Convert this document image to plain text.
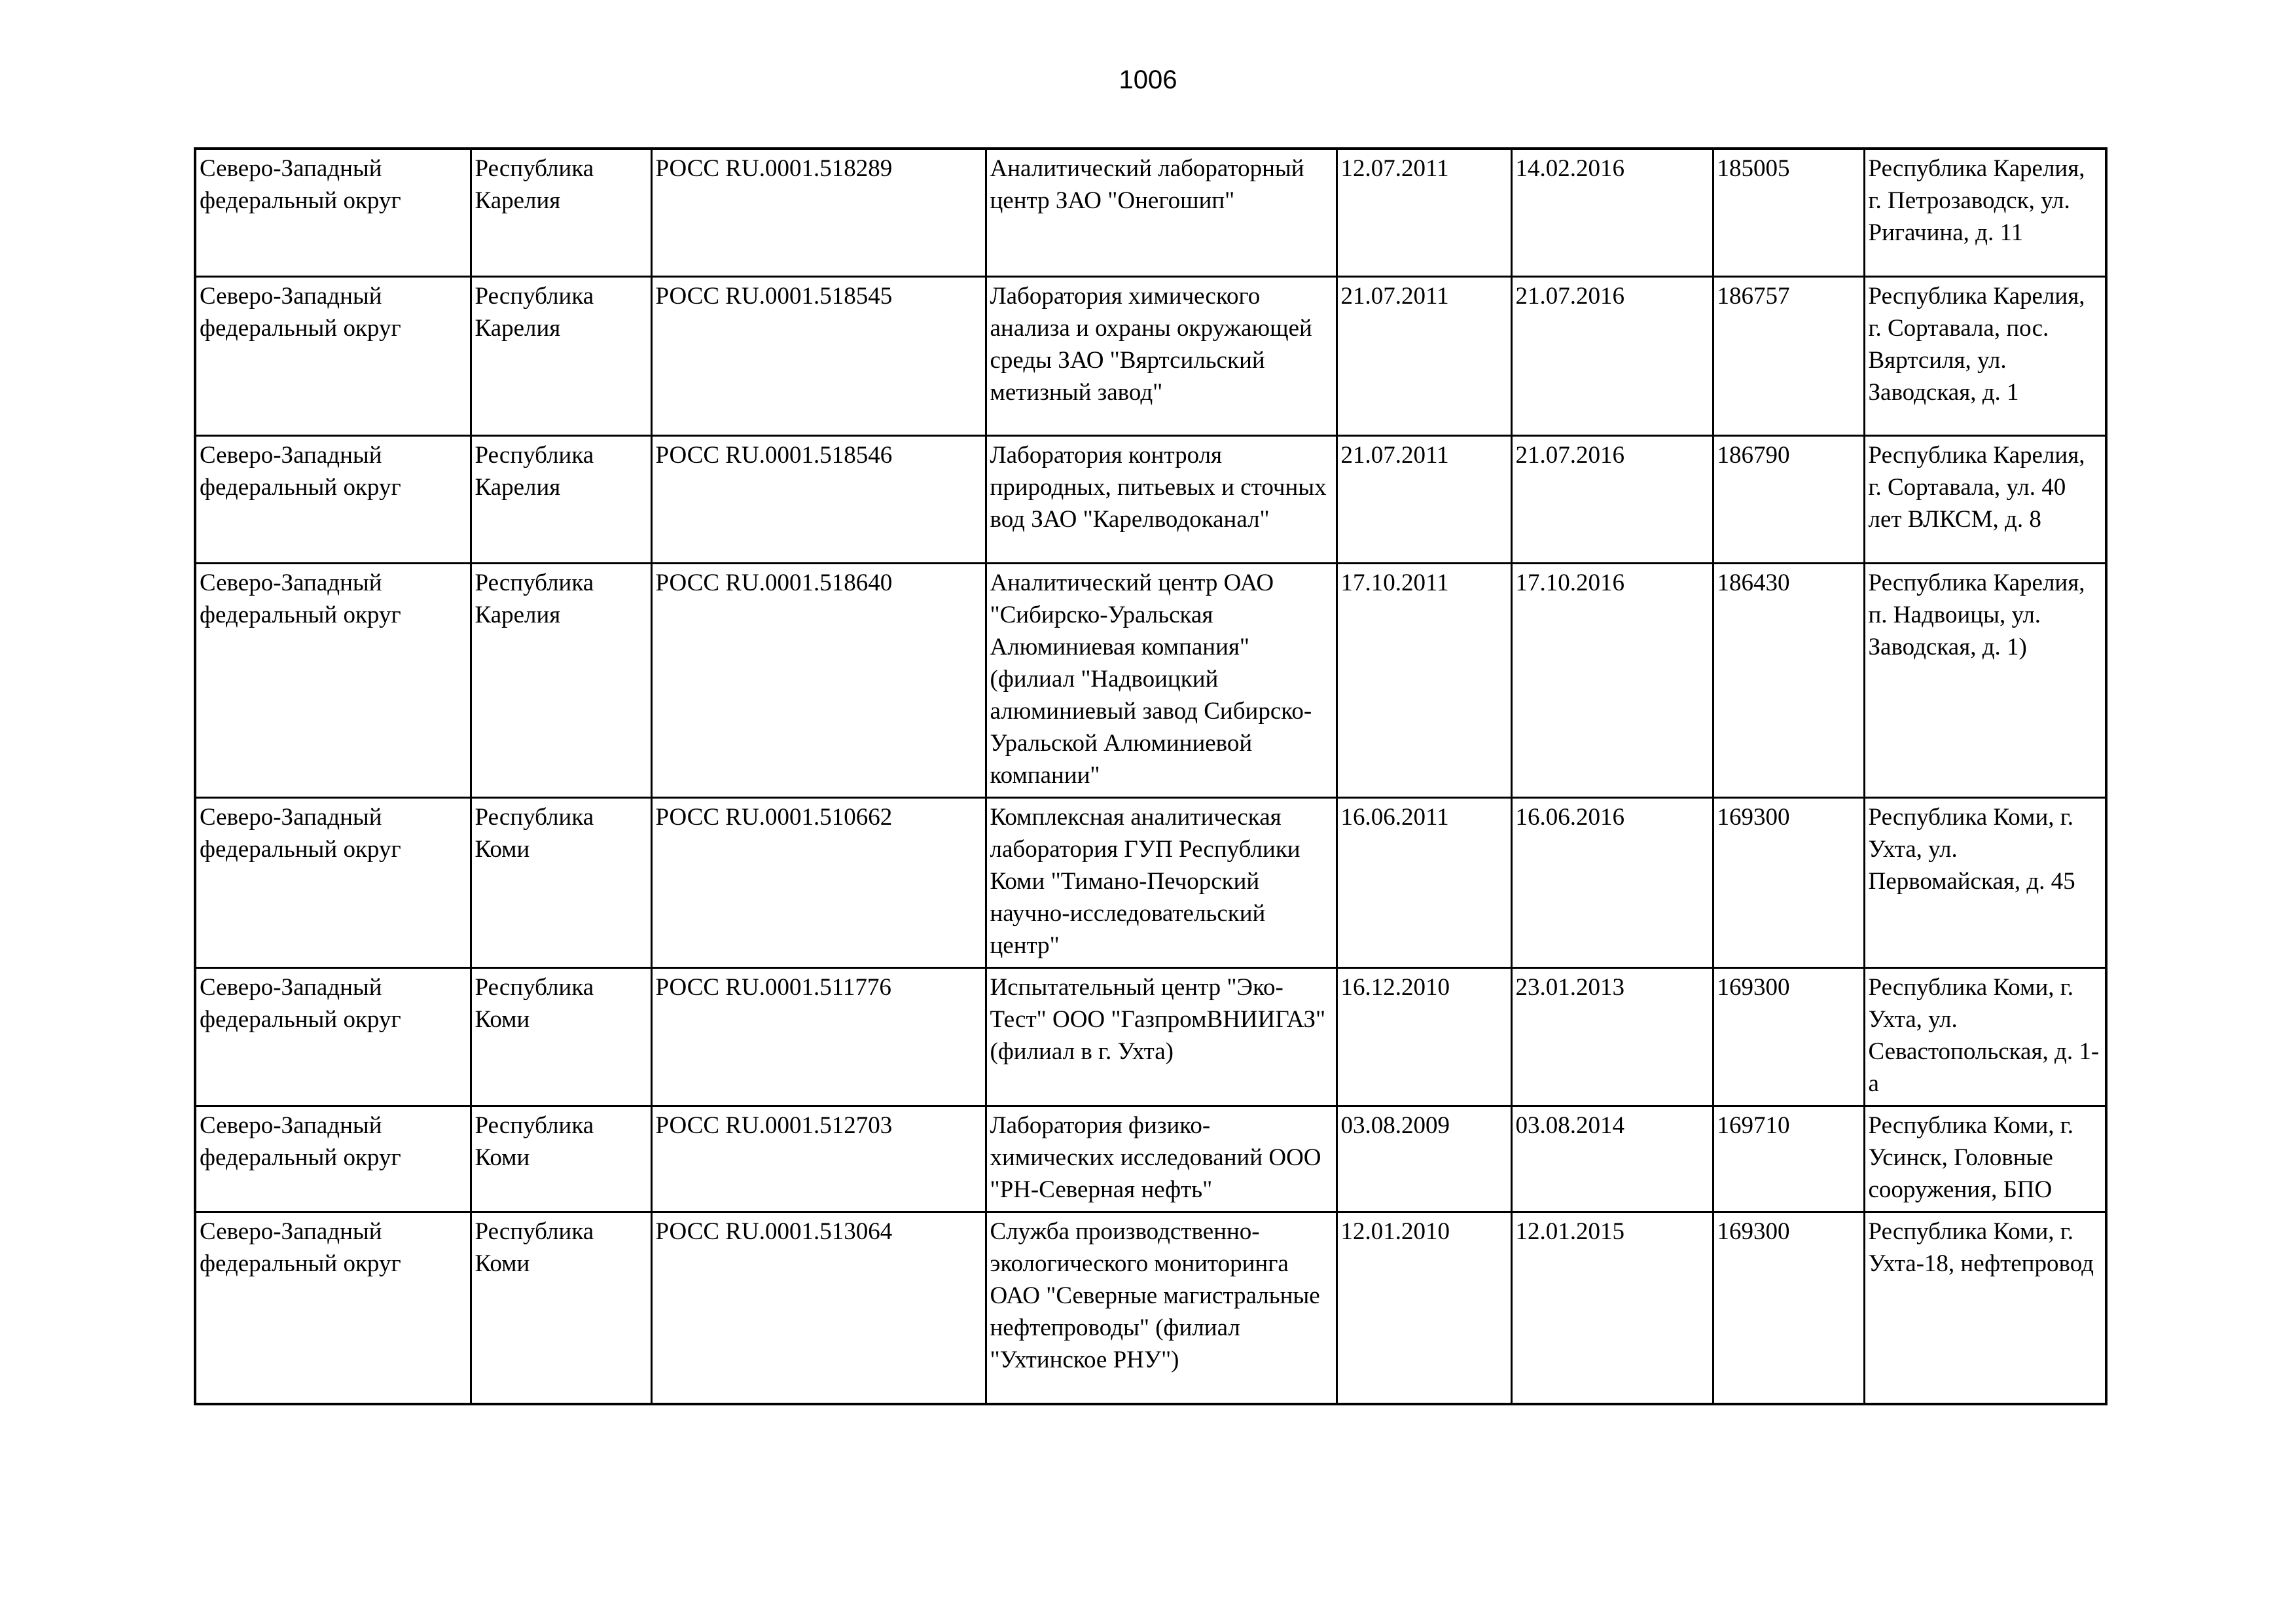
1006
Северо-Западный федеральный округ	Республика Карелия	РОСС RU.0001.518289	Аналитический лабораторный центр ЗАО "Онегошип"	12.07.2011	14.02.2016	185005	Республика Карелия, г. Петрозаводск, ул. Ригачина, д. 11
Северо-Западный федеральный округ	Республика Карелия	РОСС RU.0001.518545	Лаборатория химического анализа и охраны окружающей среды ЗАО "Вяртсильский метизный завод"	21.07.2011	21.07.2016	186757	Республика Карелия, г. Сортавала, пос. Вяртсиля, ул. Заводская, д. 1
Северо-Западный федеральный округ	Республика Карелия	РОСС RU.0001.518546	Лаборатория контроля природных, питьевых и сточных вод ЗАО "Карелводоканал"	21.07.2011	21.07.2016	186790	Республика Карелия, г. Сортавала, ул. 40 лет ВЛКСМ, д. 8
Северо-Западный федеральный округ	Республика Карелия	РОСС RU.0001.518640	Аналитический центр ОАО "Сибирско-Уральская Алюминиевая компания" (филиал "Надвоицкий алюминиевый завод Сибирско-Уральской Алюминиевой компании"	17.10.2011	17.10.2016	186430	Республика Карелия, п. Надвоицы, ул. Заводская, д. 1)
Северо-Западный федеральный округ	Республика Коми	РОСС RU.0001.510662	Комплексная аналитическая лаборатория ГУП Республики Коми "Тимано-Печорский научно-исследовательский центр"	16.06.2011	16.06.2016	169300	Республика Коми, г. Ухта, ул. Первомайская, д. 45
Северо-Западный федеральный округ	Республика Коми	РОСС RU.0001.511776	Испытательный центр "Эко-Тест" ООО "ГазпромВНИИГАЗ" (филиал в г. Ухта)	16.12.2010	23.01.2013	169300	Республика Коми, г. Ухта, ул. Севастопольская, д. 1-а
Северо-Западный федеральный округ	Республика Коми	РОСС RU.0001.512703	Лаборатория физико-химических исследований ООО "РН-Северная нефть"	03.08.2009	03.08.2014	169710	Республика Коми, г. Усинск, Головные сооружения, БПО
Северо-Западный федеральный округ	Республика Коми	РОСС RU.0001.513064	Служба производственно-экологического мониторинга ОАО "Северные магистральные нефтепроводы" (филиал "Ухтинское РНУ")	12.01.2010	12.01.2015	169300	Республика Коми, г. Ухта-18, нефтепровод
